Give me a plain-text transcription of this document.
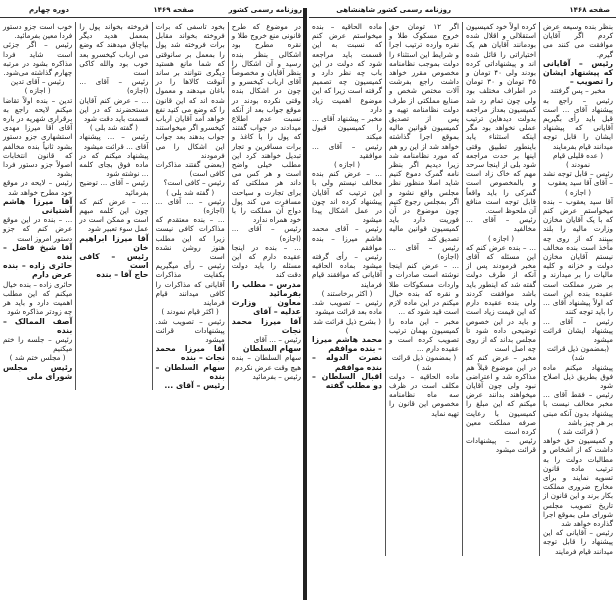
روزنامه رسمی کشور
صفحه ۱۴۶۹
دوره چهارم

در موضوع که طرح قانونی منع خروج طلا و نقره مطرح بود اشکالی بنظر بنده رسید و آن اشکال را بنظر آقایان و مخصوصاً آقای ارباب کیخسرو و چون در اشکال بنده وقتی نکرده بودند در موقع جواب بعد از آنکه نسبت عدم اطلاع میدادند در جواب گفتند که پول را با کاغذ و برات مسافرین و تجار تبدیل خواهند کرد این مطلب خیلی واضح است و هر کس می داند هر مملکتی که برای تجارت و سیاحت مسافرت می کند پول دواج آن مملکت را با خود همراه ندارد

رئیس – آقای ... (اجازه)

... – بنده در اینجا عقیده دارم که این مسئله را باید دولت دقت کند

مدرس – مطلب را بفرمائید

معاون وزارت عدلیه – آقای

آقا میرزا محمد نجات

رئیس – ... آقای

سهام السلطان

سهام السلطان – بنده هیچ وقت عرض نکردم

رئیس – بفرمائید

بخود تاسفی که برات فروخته بخواند مقابل برات فروخته شد پول را بمعمل بر سانوقتی که شما مانع هستید دیگری نتوانند بر ساند آنوقت کالاها را در باغان میدهند و معمول شده اند که این قانون را که وضع می کنید نفع خواهد آمد آقایان ارباب کیخسرو اگر میخواستند جواب بدهند بعد جواب این اشکال را می فرمودند

(بعضی گفتند مذاکرات کافی است)

رئیس – کافی است؟

( گفته شد بلی )

رئیس – ... آقای ... (اجازه)

... – بنده معتقدم که مذاکرات کافی نیست زیرا که این مطلب هنوز روشن نشده است

رئیس – رأی میگیریم بکفایت مذاکرات آقایانی که مذاکرات را کافی میدانند قیام فرمایند

( اکثر قیام نمودند )

رئیس – تصویب شد. پیشنهادات قرائت میشود

آقا میرزا محمد نجات – بنده

سهام السلطان – بنده

رئیس – آقای ...

فروخته بخواند پول را بمعمل هدید دیگر بپاچاق میدهند که وضع می ارباب کیخسرو بعد خوب بود والله کاکی است

رئیس – آقای ... (اجازه)

... – عرض کنم آقایان مستحضرند که در این قسمت باید دقت شود

( گفته شد بلی )

رئیس – ... پیشنهاد آقای ... قرائت میشود

پیشنهاد میکنم که در ماده فوق بجای کلمه ... نوشته شود

رئیس – آقای ... توضیح بفرمائید

... – عرض کنم که چون این کلمه مبهم است و ممکن است در عمل سوء تعبیر شود

آقا میرزا ابراهیم خان

رئیس – کافی است

حاج آقا – بنده

خوب است جزو دستور فردا معین بفرمائید.

رئیس – اگر جزئی است شاید فردا مذاکره بشود در مرتبه چهارم گذاشته می‌شود.

رئیس – آقای تدین

( اجازه )

تدین – بنده اولاً تقاضا میکنم لایحه راجع به برقراری شهریه در باره آقای آقا میرزا مهدی استشهاری جزو دستور بشود ثانیاً بنده مخالفم که قانون انتخابات اصولاً جزو دستور فردا بشود

رئیس – لایحه در موقع خود مطرح خواهد شد

آقا میرزا هاشم آشتیانی

... – بنده در این موقع عرض کنم که جزو دستور امروز است

آقا شیخ فاضل – بنده

حائری زاده – بنده عرض دارم

حائری زاده – بنده خیال میکنم که این مطلب اهمیت دارد و باید هر چه زودتر مذاکره شود

آصف الممالک – بنده

رئیس – جلسه را ختم میکنیم

( مجلس ختم شد )

رئیس مجلس شورای ملی

صفحه ۱۴۶۸
روزنامه رسمی کشور شاهنشاهی

بنظر بنده وسیعه عرض کردم اگر آقایان موافقت می کنند می گیرم.

رئیس – آقایانی که پیشنهاد ایشان را تصویب –

مخبر – پس گرفتند

رئیس – راجع به پیشنهاد آقای ... است قبل باید رأی بگیریم آقایانی که پیشنهاد ایشان را قابل توجه میدانند قیام بفرمایند

( عده قلیلی قیام نمودند )

رئیس – قابل توجه نشد – آقای آقا سید یعقوب

( اجازه )

آقا سید یعقوب – بنده میخواستم عرض کنم که با یک آقایان مخازن وزارت مالیه را بلند ببینند که از روی چه مأخذ است بنده مخالف نیستم آقایان مخازن دولت و خزانه و کلیه مالیات را بر میدارند و بر ضرر مملکت است عقیده بنده این است که اولاً پیشنهاد آقای ... را باید توجه کنند

رئیس – آقای ... پیشنهاد ایشان قرائت میشود

(بمضمون ذیل قرائت شد)

پیشنهاد میکنم ماده فوق بطریق ذیل اصلاح شود

رئیس – فقط آقای ... مخبر مخالف نیست با پیشنهاد بدون آنکه مبنی بر هر چیز باشد

( قرائت شد )

و کمیسیون حق خواهد داشت که از اشخاص و مطالبات دولت را به ترتیب ماده قانون تسویه نمایند و برای مخارج ضروری مملکت بکار برند و این قانون از تاریخ تصویب مجلس شورای ملی بموقع اجرا گذارده خواهد شد

رئیس – آقایانی که این پیشنهاد را قابل توجه میدانند قیام فرمایند

کرده اولاً خود کمیسیون استقلالی و اقلال شده بودمانند آقایان هم یک اختیاراتی را قائل شده اند و پیشنهاداتی کرده بودند ولی ۴۰ تومان و ۴۵ تومان و ۳۰ تومان در اطراف مختلف بود ولی چون تمام رد شد کمیسیون بعداز مراجعه بدولت دیدهاین ترتیب عملی نخواهد بود مگر اینکه استثناء یابد باینطور تطبیق وقتی اینها بر حدت مراجعه شود بلی از اینجا سرحد مهم که خاک زاد است و بالمخصوص است گمرکی را باید واقعاً قابل توجه است منافع آن ملحوظ است.

رئیس – آقای ... مخالفید

( اجازه )

... – بنده عرض کنم که این مسئله که آقای مخبر فرمودند پس از آنکه از طرف دولت گفته شد که اینطور باید باشد موافقت کردند ولی بنده عقیده دارم که این قیمت زیاد است و باید در این خصوص توضیحی داده شود تا مجلس بداند که از روی چه اصل است

مخبر – عرض کنم که در این موضوع قبلاً هم مذاکره شد و اعتراضی نبود ولی چون آقایان میخواهند بدانند عرض میکنم که این مبلغ را کمیسیون با رعایت صرفه مملکت معین کرده است

رئیس – پیشنهادات قرائت میشود

اگر ۱۲ تومان حق خروج مسکوک طلا و نقره وارده ترتیب اجرا و شرایط این استثناء را دولت بموجب نظامنامه مخصوص مقرر خواهد داشت راجع بفرشت آلات مختص شخص و صنایع مملکتی از طرف دولت نظامنامه تهیه و پس از تصدیق کمیسیون قوانین مالیه بموقع اجرا گذاشته خواهد شد از این رو هم که مورد نظامنامه شد زیرا دیدیم اگر بنظر نامه گمرک دموع کنیم شاید اصلا منظور نظر مجلس واقع نشود و اگر بمجلس رجوع کنیم چون موضوع در آن فوریت دارد باید کمیسیون قوانین مالیه تصدیق کند

رئیس – آقای ... (اجازه)

... – عرض کنم اینجا نوشته است صادرات و واردات مسکوکات طلا و نقره که بنده خیال میکنم در این ماده لازم است قید شود که ...

مخبر – این ماده را کمیسیون بهمان ترتیب تصویب کرده است و عقیده دارم ...

( بمضمون ذیل قرائت شد )

ماده الحاقیه – دولت مکلف است در ظرف سه ماه نظامنامه مخصوص این قانون را تهیه نماید

ماده الحاقیه – بنده میخواستم عرض کنم که نسبت به این قسمت باید مراجعه شود که دولت در این باب چه نظر دارد و کمیسیون چه تصمیم گرفته است زیرا که این موضوع اهمیت زیاد دارد

مخبر – پیشنهاد آقای ... را کمیسیون قبول میکند

رئیس – آقای ... موافقید

( اجازه )

... – عرض کنم بنده مخالف نیستم ولی با این ترتیب که آقایان پیشنهاد کرده اند چون در عمل اشکال پیدا میشود

رئیس – آقای محمد هاشم میرزا – بنده موافقم

رئیس – رأی گرفته میشود بماده الحاقیه آقایانی که موافقند قیام فرمایند

( اکثر برخاستند )

رئیس – تصویب شد. ماده بعد قرائت میشود

( بشرح ذیل قرائت شد )

محمد هاشم میرزا – بنده موافقم

نصرت الدوله – بنده موافقم

اقبال السلطان – دو مطلب گفته
